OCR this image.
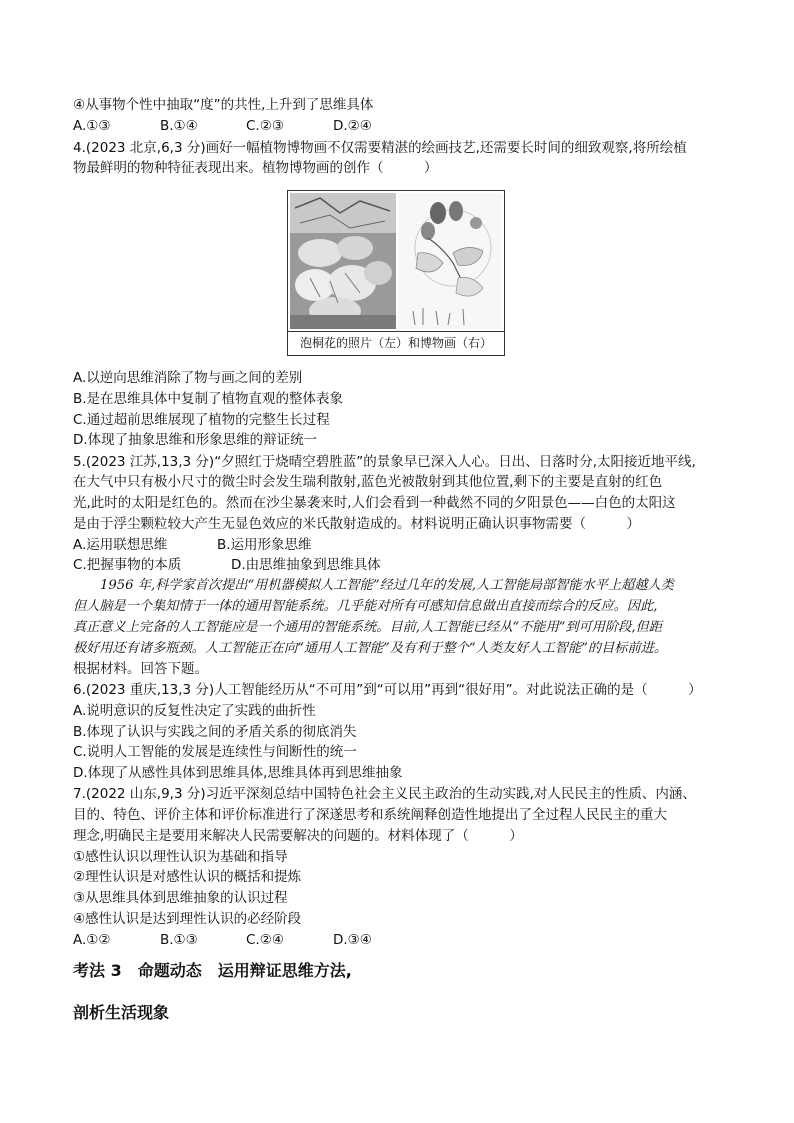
④从事物个性中抽取“度”的共性,上升到了思维具体
A.①③	B.①④	C.②③	D.②④
4.(2023 北京,6,3 分)画好一幅植物博物画不仅需要精湛的绘画技艺,还需要长时间的细致观察,将所绘植
物最鲜明的物种特征表现出来。植物博物画的创作（　　　）
泡桐花的照片（左）和博物画（右）
A.以逆向思维消除了物与画之间的差别
B.是在思维具体中复制了植物直观的整体表象
C.通过超前思维展现了植物的完整生长过程
D.体现了抽象思维和形象思维的辩证统一
5.(2023 江苏,13,3 分)“夕照红于烧晴空碧胜蓝”的景象早已深入人心。日出、日落时分,太阳接近地平线,
在大气中只有极小尺寸的微尘时会发生瑞利散射,蓝色光被散射到其他位置,剩下的主要是直射的红色
光,此时的太阳是红色的。然而在沙尘暴袭来时,人们会看到一种截然不同的夕阳景色——白色的太阳这
是由于浮尘颗粒较大产生无显色效应的米氏散射造成的。材料说明正确认识事物需要（　　　）
A.运用联想思维	B.运用形象思维
C.把握事物的本质	D.由思维抽象到思维具体
1956 年,科学家首次提出“用机器模拟人工智能”经过几年的发展,人工智能局部智能水平上超越人类
但人脑是一个集知情于一体的通用智能系统。几乎能对所有可感知信息做出直接而综合的反应。因此,
真正意义上完备的人工智能应是一个通用的智能系统。目前,人工智能已经从“不能用”到可用阶段,但距
极好用还有诸多瓶颈。人工智能正在向“通用人工智能”及有利于整个“人类友好人工智能”的目标前进。
根据材料。回答下题。
6.(2023 重庆,13,3 分)人工智能经历从“不可用”到“可以用”再到“很好用”。对此说法正确的是（　　　）
A.说明意识的反复性决定了实践的曲折性
B.体现了认识与实践之间的矛盾关系的彻底消失
C.说明人工智能的发展是连续性与间断性的统一
D.体现了从感性具体到思维具体,思维具体再到思维抽象
7.(2022 山东,9,3 分)习近平深刻总结中国特色社会主义民主政治的生动实践,对人民民主的性质、内涵、
目的、特色、评价主体和评价标准进行了深遂思考和系统阐释创造性地提出了全过程人民民主的重大
理念,明确民主是要用来解决人民需要解决的问题的。材料体现了（　　　）
①感性认识以理性认识为基础和指导
②理性认识是对感性认识的概括和提炼
③从思维具体到思维抽象的认识过程
④感性认识是达到理性认识的必经阶段
A.①②	B.①③	C.②④	D.③④
考法 3　命题动态　运用辩证思维方法,
剖析生活现象
